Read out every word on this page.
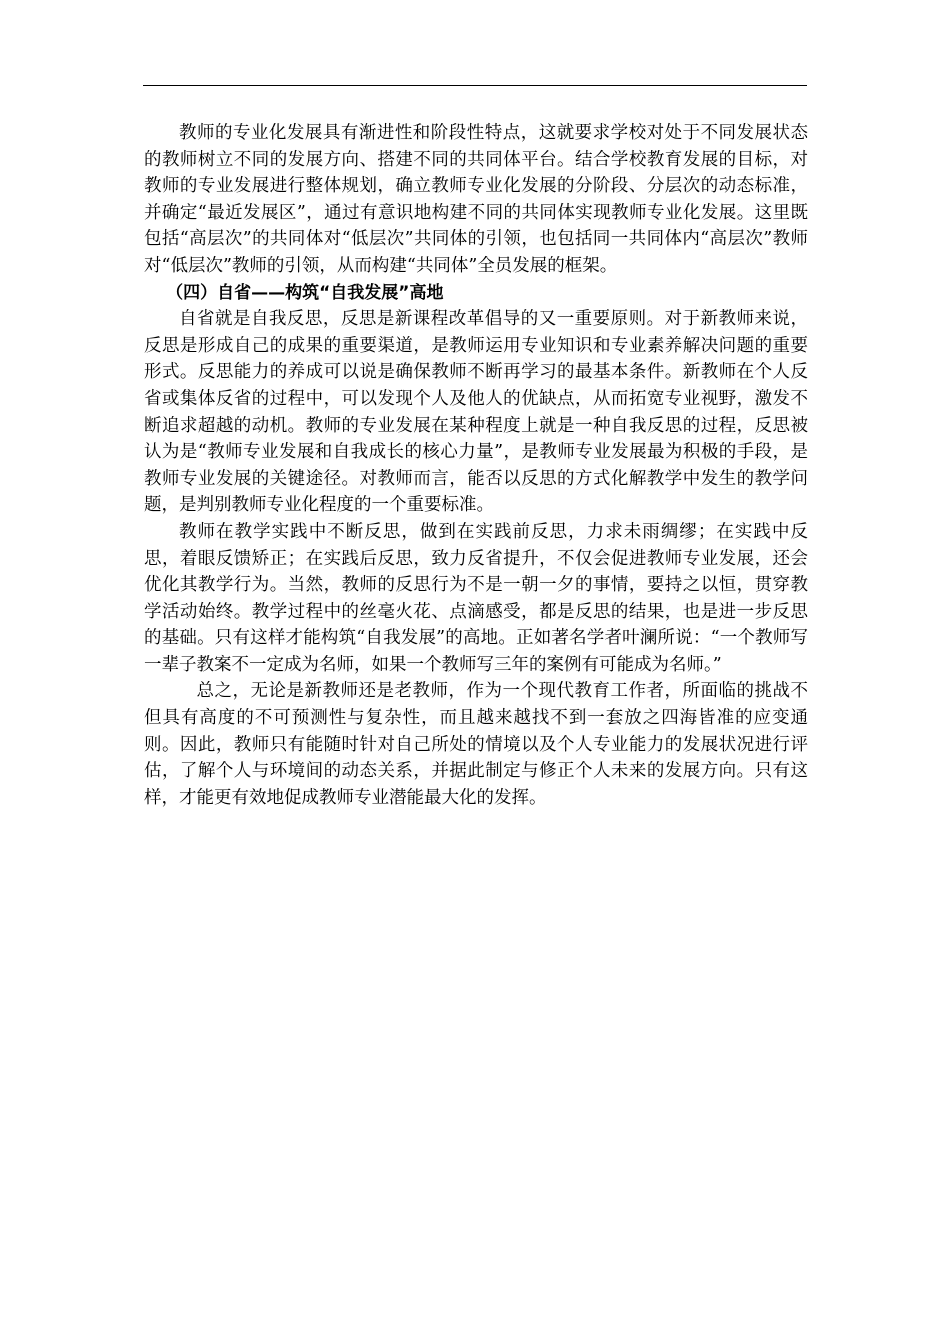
教师的专业化发展具有渐进性和阶段性特点，这就要求学校对处于不同发展状态的教师树立不同的发展方向、搭建不同的共同体平台。结合学校教育发展的目标，对教师的专业发展进行整体规划，确立教师专业化发展的分阶段、分层次的动态标准，并确定“最近发展区”，通过有意识地构建不同的共同体实现教师专业化发展。这里既包括“高层次”的共同体对“低层次”共同体的引领，也包括同一共同体内“高层次”教师对“低层次”教师的引领，从而构建“共同体”全员发展的框架。

（四）自省——构筑“自我发展”高地

自省就是自我反思，反思是新课程改革倡导的又一重要原则。对于新教师来说，反思是形成自己的成果的重要渠道，是教师运用专业知识和专业素养解决问题的重要形式。反思能力的养成可以说是确保教师不断再学习的最基本条件。新教师在个人反省或集体反省的过程中，可以发现个人及他人的优缺点，从而拓宽专业视野，激发不断追求超越的动机。教师的专业发展在某种程度上就是一种自我反思的过程，反思被认为是“教师专业发展和自我成长的核心力量”，是教师专业发展最为积极的手段，是教师专业发展的关键途径。对教师而言，能否以反思的方式化解教学中发生的教学问题，是判别教师专业化程度的一个重要标准。

教师在教学实践中不断反思，做到在实践前反思，力求未雨绸缪；在实践中反思，着眼反馈矫正；在实践后反思，致力反省提升，不仅会促进教师专业发展，还会优化其教学行为。当然，教师的反思行为不是一朝一夕的事情，要持之以恒，贯穿教学活动始终。教学过程中的丝毫火花、点滴感受，都是反思的结果，也是进一步反思的基础。只有这样才能构筑“自我发展”的高地。正如著名学者叶澜所说：“一个教师写一辈子教案不一定成为名师，如果一个教师写三年的案例有可能成为名师。”

总之，无论是新教师还是老教师，作为一个现代教育工作者，所面临的挑战不但具有高度的不可预测性与复杂性，而且越来越找不到一套放之四海皆准的应变通则。因此，教师只有能随时针对自己所处的情境以及个人专业能力的发展状况进行评估，了解个人与环境间的动态关系，并据此制定与修正个人未来的发展方向。只有这样，才能更有效地促成教师专业潜能最大化的发挥。
